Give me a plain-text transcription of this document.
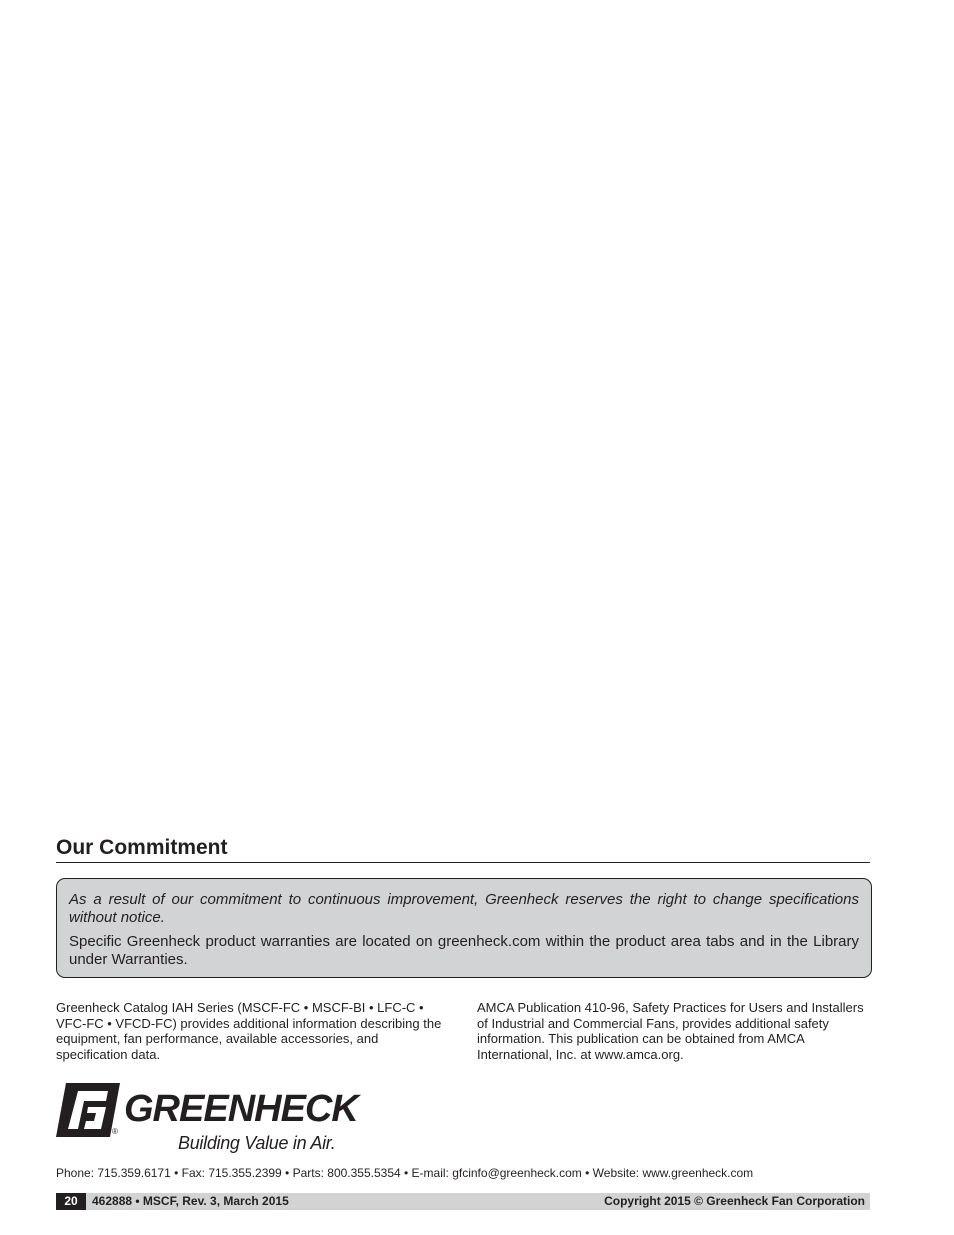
Our Commitment

As a result of our commitment to continuous improvement, Greenheck reserves the right to change specifications without notice.

Specific Greenheck product warranties are located on greenheck.com within the product area tabs and in the Library under Warranties.

Greenheck Catalog IAH Series (MSCF-FC • MSCF-BI • LFC-C • VFC-FC • VFCD-FC) provides additional information describing the equipment, fan performance, available accessories, and specification data.
AMCA Publication 410-96, Safety Practices for Users and Installers of Industrial and Commercial Fans, provides additional safety information. This publication can be obtained from AMCA International, Inc. at www.amca.org.
®
GREENHECK
Building Value in Air.
Phone: 715.359.6171 • Fax: 715.355.2399 • Parts: 800.355.5354 • E-mail: gfcinfo@greenheck.com • Website: www.greenheck.com
20	462888 • MSCF, Rev. 3, March 2015	Copyright 2015 © Greenheck Fan Corporation
